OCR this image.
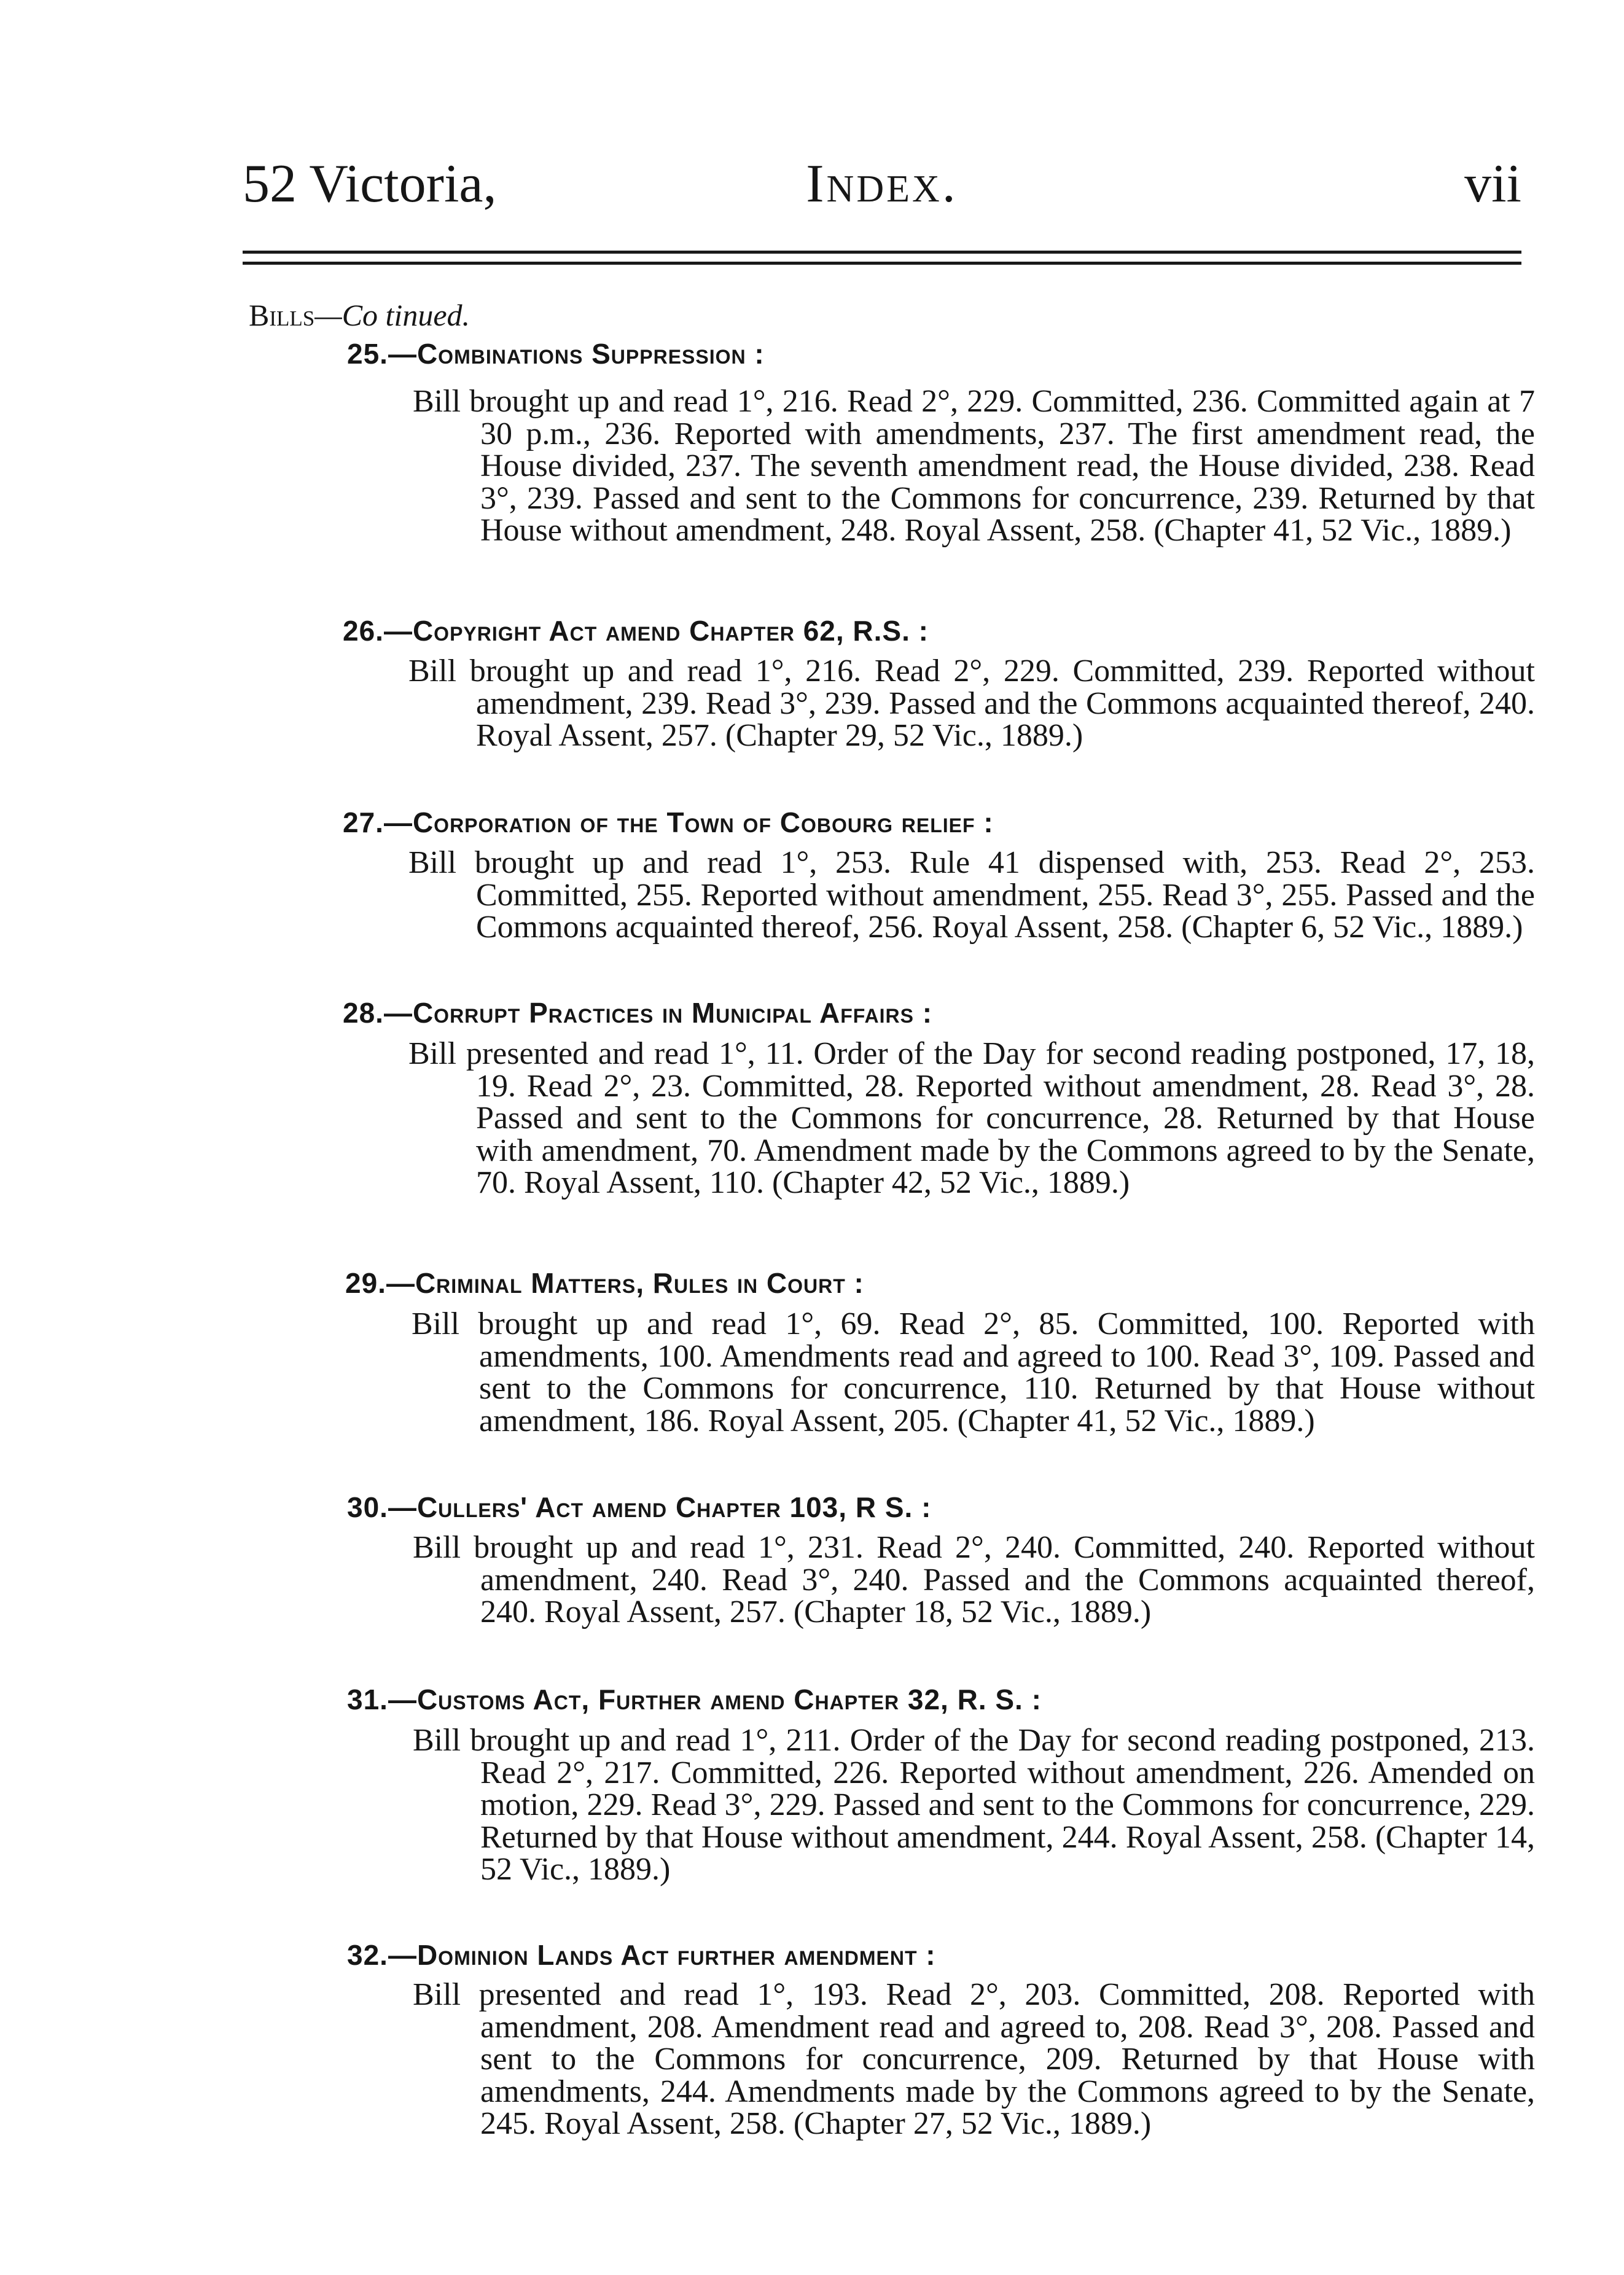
52 Victoria,	Index.	vii
Bills—Co tinued.
25.—Combinations Suppression :
Bill brought up and read 1°, 216. Read 2°, 229. Committed, 236. Committed again at 7 30 p.m., 236. Reported with amendments, 237. The first amendment read, the House divided, 237. The seventh amendment read, the House divided, 238. Read 3°, 239. Passed and sent to the Commons for concurrence, 239. Returned by that House without amendment, 248. Royal Assent, 258. (Chapter 41, 52 Vic., 1889.)
26.—Copyright Act amend Chapter 62, R.S. :
Bill brought up and read 1°, 216. Read 2°, 229. Committed, 239. Reported without amendment, 239. Read 3°, 239. Passed and the Commons acquainted thereof, 240. Royal Assent, 257. (Chapter 29, 52 Vic., 1889.)
27.—Corporation of the Town of Cobourg relief :
Bill brought up and read 1°, 253. Rule 41 dispensed with, 253. Read 2°, 253. Committed, 255. Reported without amendment, 255. Read 3°, 255. Passed and the Commons acquainted thereof, 256. Royal Assent, 258. (Chapter 6, 52 Vic., 1889.)
28.—Corrupt Practices in Municipal Affairs :
Bill presented and read 1°, 11. Order of the Day for second reading postponed, 17, 18, 19. Read 2°, 23. Committed, 28. Reported without amendment, 28. Read 3°, 28. Passed and sent to the Commons for concurrence, 28. Returned by that House with amendment, 70. Amendment made by the Commons agreed to by the Senate, 70. Royal Assent, 110. (Chapter 42, 52 Vic., 1889.)
29.—Criminal Matters, Rules in Court :
Bill brought up and read 1°, 69. Read 2°, 85. Committed, 100. Reported with amendments, 100. Amendments read and agreed to 100. Read 3°, 109. Passed and sent to the Commons for concurrence, 110. Returned by that House without amendment, 186. Royal Assent, 205. (Chapter 41, 52 Vic., 1889.)
30.—Cullers' Act amend Chapter 103, R S. :
Bill brought up and read 1°, 231. Read 2°, 240. Committed, 240. Reported without amendment, 240. Read 3°, 240. Passed and the Commons acquainted thereof, 240. Royal Assent, 257. (Chapter 18, 52 Vic., 1889.)
31.—Customs Act, Further amend Chapter 32, R. S. :
Bill brought up and read 1°, 211. Order of the Day for second reading postponed, 213. Read 2°, 217. Committed, 226. Reported without amendment, 226. Amended on motion, 229. Read 3°, 229. Passed and sent to the Commons for concurrence, 229. Returned by that House without amendment, 244. Royal Assent, 258. (Chapter 14, 52 Vic., 1889.)
32.—Dominion Lands Act further amendment :
Bill presented and read 1°, 193. Read 2°, 203. Committed, 208. Reported with amendment, 208. Amendment read and agreed to, 208. Read 3°, 208. Passed and sent to the Commons for concurrence, 209. Returned by that House with amendments, 244. Amendments made by the Commons agreed to by the Senate, 245. Royal Assent, 258. (Chapter 27, 52 Vic., 1889.)
